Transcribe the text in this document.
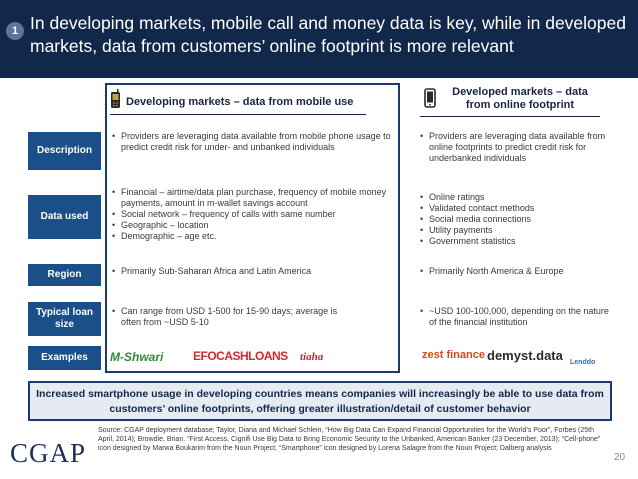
1 In developing markets, mobile call and money data is key, while in developed markets, data from customers’ online footprint is more relevant
Developing markets – data from mobile use
Developed markets – data from online footprint
Description
Data used
Region
Typical loan size
Examples
• Providers are leveraging data available from mobile phone usage to predict credit risk for under- and unbanked individuals
• Providers are leveraging data available from online footprints to predict credit risk for underbanked individuals
• Financial – airtime/data plan purchase, frequency of mobile money payments, amount in m-wallet savings account
• Social network – frequency of calls with same number
• Geographic – location
• Demographic – age etc.
• Online ratings
• Validated contact methods
• Social media connections
• Utility payments
• Government statistics
• Primarily Sub-Saharan Africa and Latin America
•	Primarily North America & Europe
• Can range from USD 1-500 for 15-90 days; average is often from ~USD 5-10
• ~USD 100-100,000, depending on the nature of the financial institution
M-Shwari EFOCASHLOANS tiaha	zest finance demyst.data Lenddo
Increased smartphone usage in developing countries means companies will increasingly be able to use data from customers’ online footprints, offering greater illustration/detail of customer behavior
CGAP
Source: CGAP deployment database; Taylor, Diana and Michael Schlein, “How Big Data Can Expand Financial Opportunities for the World’s Poor”, Forbes (25th April, 2014); Browdie, Brian. “First Access, Cignifi Use Big Data to Bring Economic Security to the Unbanked, American Banker (23 December, 2013); “Cell-phone” icon designed by Marwa Boukarim from the Noun Project; “Smartphone” icon designed by Lorena Salagre from the Noun Project; Dalberg analysis
20
